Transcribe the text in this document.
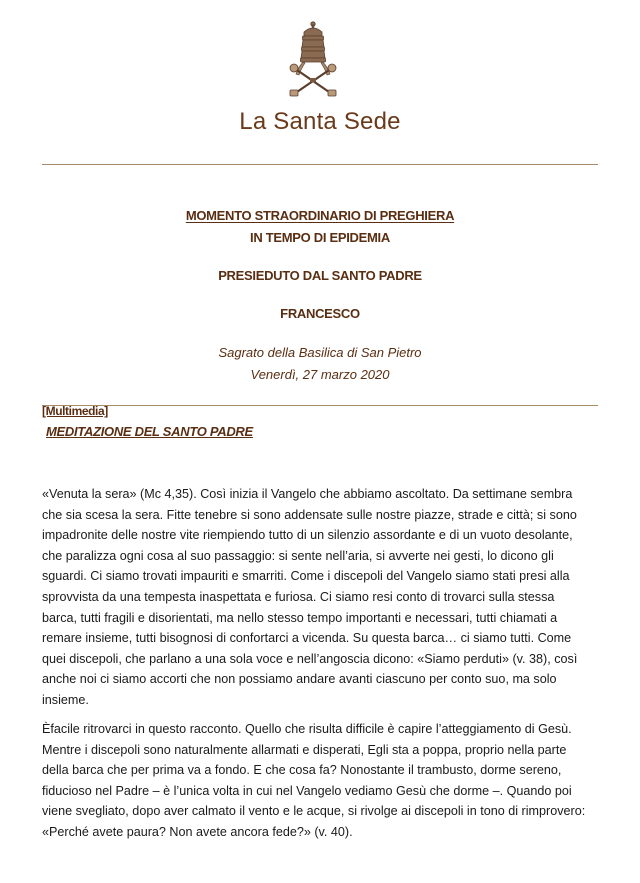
La Santa Sede
MOMENTO STRAORDINARIO DI PREGHIERA
IN TEMPO DI EPIDEMIA
PRESIEDUTO DAL SANTO PADRE
FRANCESCO
Sagrato della Basilica di San Pietro
Venerdì, 27 marzo 2020
[Multimedia]
MEDITAZIONE DEL SANTO PADRE
«Venuta la sera» (Mc 4,35). Così inizia il Vangelo che abbiamo ascoltato. Da settimane sembra
che sia scesa la sera. Fitte tenebre si sono addensate sulle nostre piazze, strade e città; si sono
impadronite delle nostre vite riempiendo tutto di un silenzio assordante e di un vuoto desolante,
che paralizza ogni cosa al suo passaggio: si sente nell’aria, si avverte nei gesti, lo dicono gli
sguardi. Ci siamo trovati impauriti e smarriti. Come i discepoli del Vangelo siamo stati presi alla
sprovvista da una tempesta inaspettata e furiosa. Ci siamo resi conto di trovarci sulla stessa
barca, tutti fragili e disorientati, ma nello stesso tempo importanti e necessari, tutti chiamati a
remare insieme, tutti bisognosi di confortarci a vicenda. Su questa barca… ci siamo tutti. Come
quei discepoli, che parlano a una sola voce e nell’angoscia dicono: «Siamo perduti» (v. 38), così
anche noi ci siamo accorti che non possiamo andare avanti ciascuno per conto suo, ma solo
insieme.
Èfacile ritrovarci in questo racconto. Quello che risulta difficile è capire l’atteggiamento di Gesù.
Mentre i discepoli sono naturalmente allarmati e disperati, Egli sta a poppa, proprio nella parte
della barca che per prima va a fondo. E che cosa fa? Nonostante il trambusto, dorme sereno,
fiducioso nel Padre – è l’unica volta in cui nel Vangelo vediamo Gesù che dorme –. Quando poi
viene svegliato, dopo aver calmato il vento e le acque, si rivolge ai discepoli in tono di rimprovero:
«Perché avete paura? Non avete ancora fede?» (v. 40).
